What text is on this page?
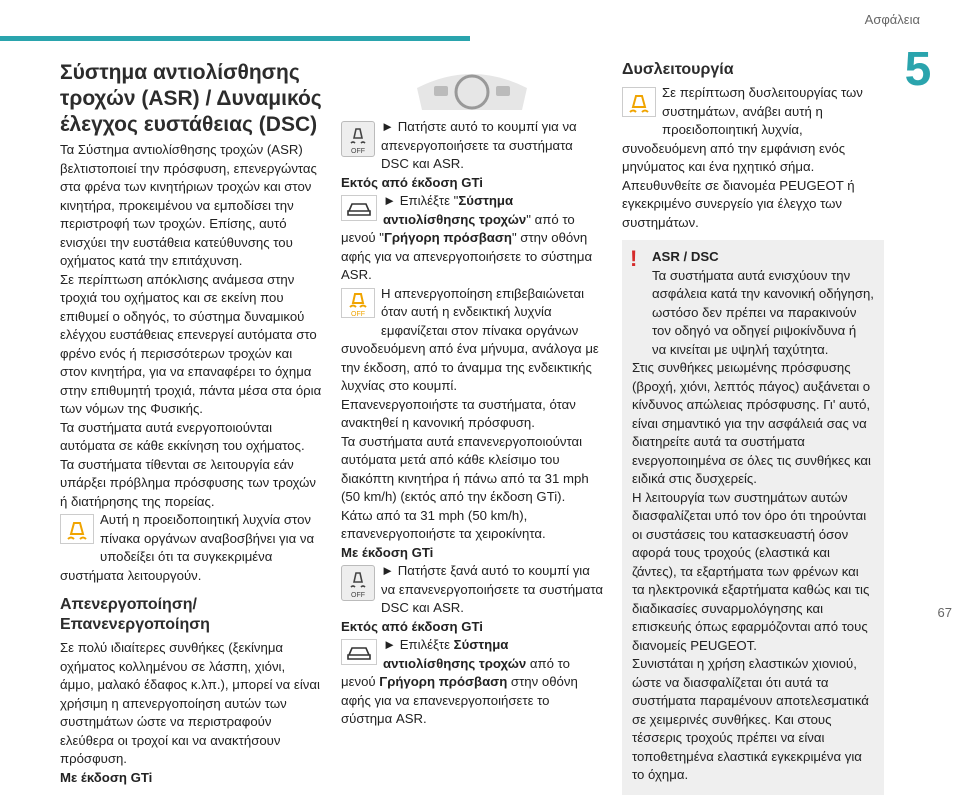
Ασφάλεια
5
67
Σύστημα αντιολίσθησης τροχών (ASR) / Δυναμικός έλεγχος ευστάθειας (DSC)

Τα Σύστημα αντιολίσθησης τροχών (ASR) βελτιστοποιεί την πρόσφυση, επενεργώντας στα φρένα των κινητήριων τροχών και στον κινητήρα, προκειμένου να εμποδίσει την περιστροφή των τροχών. Επίσης, αυτό ενισχύει την ευστάθεια κατεύθυνσης του οχήματος κατά την επιτάχυνση.

Σε περίπτωση απόκλισης ανάμεσα στην τροχιά του οχήματος και σε εκείνη που επιθυμεί ο οδηγός, το σύστημα δυναμικού ελέγχου ευστάθειας επενεργεί αυτόματα στο φρένο ενός ή περισσότερων τροχών και στον κινητήρα, για να επαναφέρει το όχημα στην επιθυμητή τροχιά, πάντα μέσα στα όρια των νόμων της Φυσικής.

Τα συστήματα αυτά ενεργοποιούνται αυτόματα σε κάθε εκκίνηση του οχήματος.

Τα συστήματα τίθενται σε λειτουργία εάν υπάρξει πρόβλημα πρόσφυσης των τροχών ή διατήρησης της πορείας.

Αυτή η προειδοποιητική λυχνία στον πίνακα οργάνων αναβοσβήνει για να υποδείξει ότι τα συγκεκριμένα συστήματα λειτουργούν.

Απενεργοποίηση/Επανενεργοποίηση

Σε πολύ ιδιαίτερες συνθήκες (ξεκίνημα οχήματος κολλημένου σε λάσπη, χιόνι, άμμο, μαλακό έδαφος κ.λπ.), μπορεί να είναι χρήσιμη η απενεργοποίηση αυτών των συστημάτων ώστε να περιστραφούν ελεύθερα οι τροχοί και να ανακτήσουν πρόσφυση.

Με έκδοση GTi

OFF
► Πατήστε αυτό το κουμπί για να απενεργοποιήσετε τα συστήματα DSC και ASR.

Εκτός από έκδοση GTi

► Επιλέξτε "Σύστημα αντιολίσθησης τροχών" από το μενού "Γρήγορη πρόσβαση" στην οθόνη αφής για να απενεργοποιήσετε το σύστημα ASR.

OFF
Η απενεργοποίηση επιβεβαιώνεται όταν αυτή η ενδεικτική λυχνία εμφανίζεται στον πίνακα οργάνων συνοδευόμενη από ένα μήνυμα, ανάλογα με την έκδοση, από το άναμμα της ενδεικτικής λυχνίας στο κουμπί.

Επανενεργοποιήστε τα συστήματα, όταν ανακτηθεί η κανονική πρόσφυση.

Τα συστήματα αυτά επανενεργοποιούνται αυτόματα μετά από κάθε κλείσιμο του διακόπτη κινητήρα ή πάνω από τα 31 mph (50 km/h) (εκτός από την έκδοση GTi).

Κάτω από τα 31 mph (50 km/h), επανενεργοποιήστε τα χειροκίνητα.

Με έκδοση GTi

OFF
► Πατήστε ξανά αυτό το κουμπί για να επανενεργοποιήσετε τα συστήματα DSC και ASR.

Εκτός από έκδοση GTi

► Επιλέξτε Σύστημα αντιολίσθησης τροχών από το μενού Γρήγορη πρόσβαση στην οθόνη αφής για να επανενεργοποιήσετε το σύστημα ASR.

Δυσλειτουργία

Σε περίπτωση δυσλειτουργίας των συστημάτων, ανάβει αυτή η προειδοποιητική λυχνία, συνοδευόμενη από την εμφάνιση ενός μηνύματος και ένα ηχητικό σήμα.

Απευθυνθείτε σε διανομέα PEUGEOT ή εγκεκριμένο συνεργείο για έλεγχο των συστημάτων.

!	ASR / DSC

Τα συστήματα αυτά ενισχύουν την ασφάλεια κατά την κανονική οδήγηση, ωστόσο δεν πρέπει να παρακινούν τον οδηγό να οδηγεί ριψοκίνδυνα ή να κινείται με υψηλή ταχύτητα.

Στις συνθήκες μειωμένης πρόσφυσης (βροχή, χιόνι, λεπτός πάγος) αυξάνεται ο κίνδυνος απώλειας πρόσφυσης. Γι' αυτό, είναι σημαντικό για την ασφάλειά σας να διατηρείτε αυτά τα συστήματα ενεργοποιημένα σε όλες τις συνθήκες και ειδικά στις δυσχερείς.

Η λειτουργία των συστημάτων αυτών διασφαλίζεται υπό τον όρο ότι τηρούνται οι συστάσεις του κατασκευαστή όσον αφορά τους τροχούς (ελαστικά και ζάντες), τα εξαρτήματα των φρένων και τα ηλεκτρονικά εξαρτήματα καθώς και τις διαδικασίες συναρμολόγησης και επισκευής όπως εφαρμόζονται από τους διανομείς PEUGEOT.

Συνιστάται η χρήση ελαστικών χιονιού, ώστε να διασφαλίζεται ότι αυτά τα συστήματα παραμένουν αποτελεσματικά σε χειμερινές συνθήκες. Και στους τέσσερις τροχούς πρέπει να είναι τοποθετημένα ελαστικά εγκεκριμένα για το όχημα.
